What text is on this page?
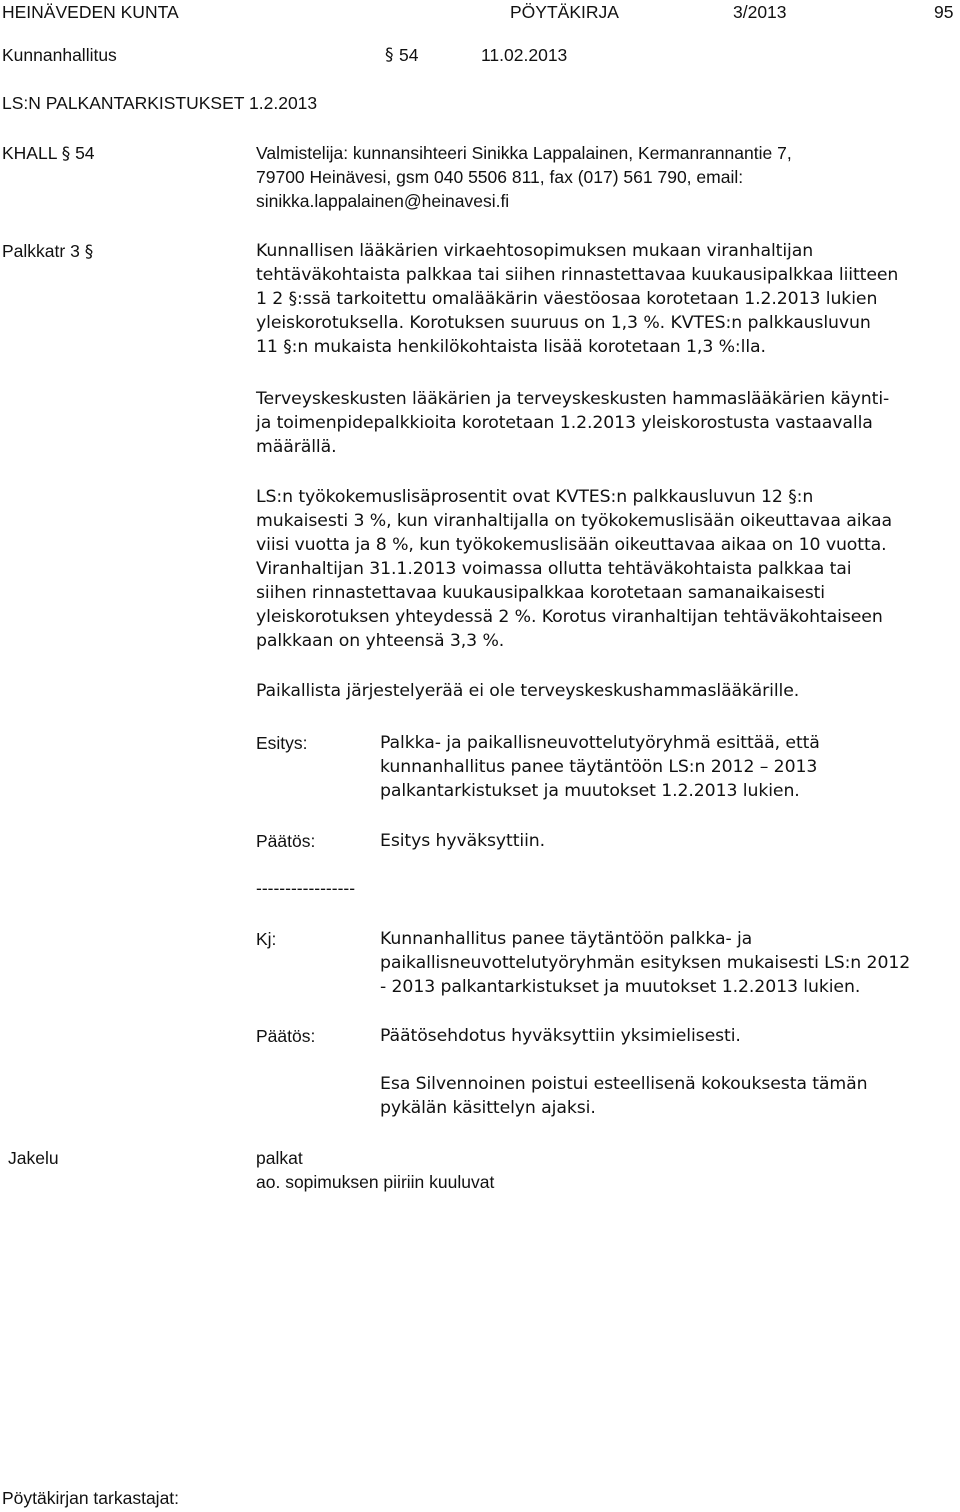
HEINÄVEDEN KUNTA	PÖYTÄKIRJA	3/2013	95
Kunnanhallitus	§ 54	11.02.2013
LS:N PALKANTARKISTUKSET 1.2.2013
KHALL § 54	Valmistelija: kunnansihteeri Sinikka Lappalainen, Kermanrannantie 7,
79700 Heinävesi, gsm 040 5506 811, fax (017) 561 790, email:
sinikka.lappalainen@heinavesi.fi
Palkkatr 3 §	Kunnallisen lääkärien virkaehtosopimuksen mukaan viranhaltijan
tehtäväkohtaista palkkaa tai siihen rinnastettavaa kuukausipalkkaa liitteen
1 2 §:ssä tarkoitettu omalääkärin väestöosaa korotetaan 1.2.2013 lukien
yleiskorotuksella. Korotuksen suuruus on 1,3 %. KVTES:n palkkausluvun
11 §:n mukaista henkilökohtaista lisää korotetaan 1,3 %:lla.
Terveyskeskusten lääkärien ja terveyskeskusten hammaslääkärien käynti-
ja toimenpidepalkkioita korotetaan 1.2.2013 yleiskorostusta vastaavalla
määrällä.
LS:n työkokemuslisäprosentit ovat KVTES:n palkkausluvun 12 §:n
mukaisesti 3 %, kun viranhaltijalla on työkokemuslisään oikeuttavaa aikaa
viisi vuotta ja 8 %, kun työkokemuslisään oikeuttavaa aikaa on 10 vuotta.
Viranhaltijan 31.1.2013 voimassa ollutta tehtäväkohtaista palkkaa tai
siihen rinnastettavaa kuukausipalkkaa korotetaan samanaikaisesti
yleiskorotuksen yhteydessä 2 %. Korotus viranhaltijan tehtäväkohtaiseen
palkkaan on yhteensä 3,3 %.
Paikallista järjestelyerää ei ole terveyskeskushammaslääkärille.
Esitys:	Palkka- ja paikallisneuvottelutyöryhmä esittää, että
kunnanhallitus panee täytäntöön LS:n 2012 – 2013
palkantarkistukset ja muutokset 1.2.2013 lukien.
Päätös:	Esitys hyväksyttiin.
-----------------
Kj:	Kunnanhallitus panee täytäntöön palkka- ja
paikallisneuvottelutyöryhmän esityksen mukaisesti LS:n 2012
- 2013 palkantarkistukset ja muutokset 1.2.2013 lukien.
Päätös:	Päätösehdotus hyväksyttiin yksimielisesti.
Esa Silvennoinen poistui esteellisenä kokouksesta tämän
pykälän käsittelyn ajaksi.
Jakelu	palkat
ao. sopimuksen piiriin kuuluvat
Pöytäkirjan tarkastajat:
